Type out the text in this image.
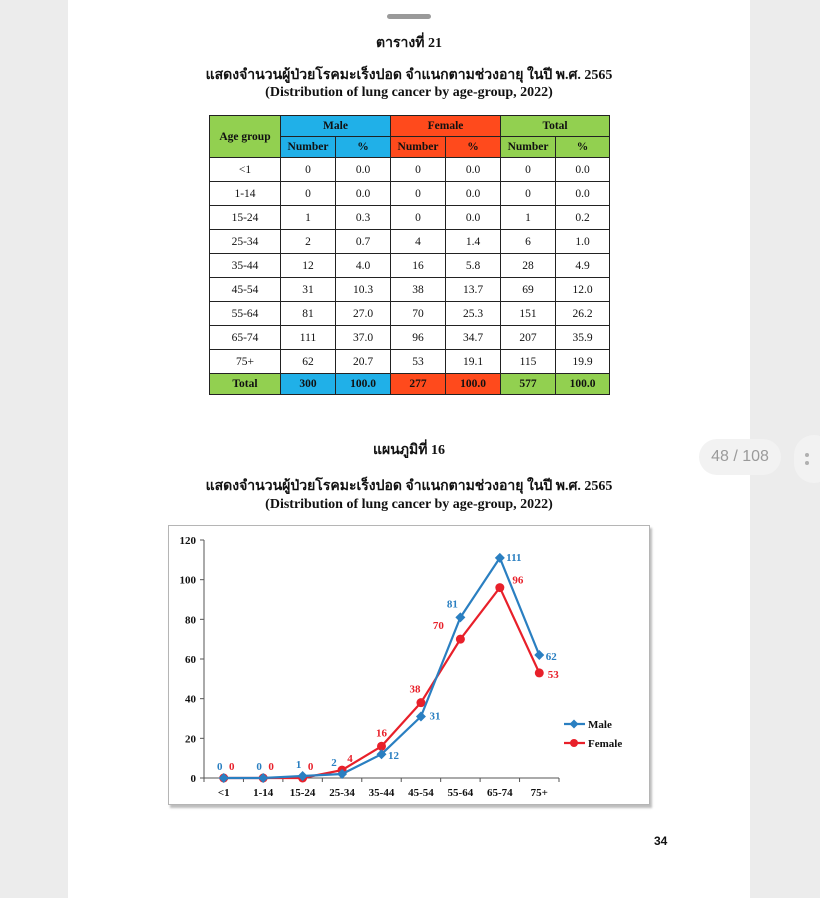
ตารางที่ 21
แสดงจำนวนผู้ป่วยโรคมะเร็งปอด จำแนกตามช่วงอายุ ในปี พ.ศ. 2565
(Distribution of lung cancer by age-group, 2022)
Age group	Male		Female		Total	
	Number	%	Number	%	Number	%
<1	0	0.0	0	0.0	0	0.0
1-14	0	0.0	0	0.0	0	0.0
15-24	1	0.3	0	0.0	1	0.2
25-34	2	0.7	4	1.4	6	1.0
35-44	12	4.0	16	5.8	28	4.9
45-54	31	10.3	38	13.7	69	12.0
55-64	81	27.0	70	25.3	151	26.2
65-74	111	37.0	96	34.7	207	35.9
75+	62	20.7	53	19.1	115	19.9
Total	300	100.0	277	100.0	577	100.0
แผนภูมิที่ 16
แสดงจำนวนผู้ป่วยโรคมะเร็งปอด จำแนกตามช่วงอายุ ในปี พ.ศ. 2565
(Distribution of lung cancer by age-group, 2022)
48 / 108
0
20
40
60
80
100
120
<1 1-14 15-24 25-34 35-44 45-54 55-64 65-74 75+
0	0	0
4
16
38
70
96
53
0	0	1	2
12
31
81
111
62
Male
Female
34
